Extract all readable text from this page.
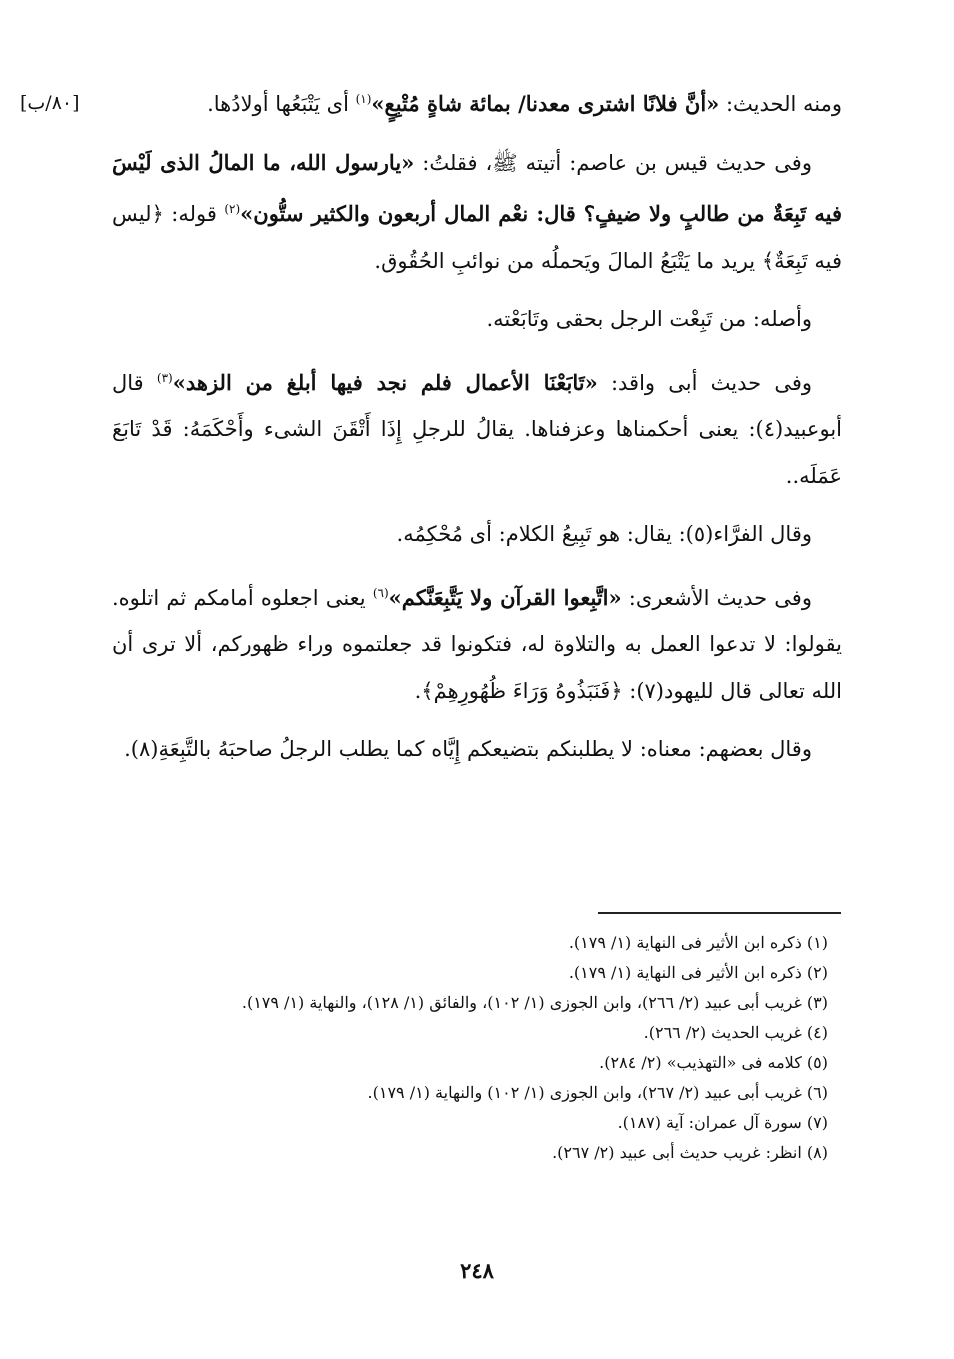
[٨٠/ب]	ومنه الحديث: «أنَّ فلانًا اشترى معدنا/ بمائة شاةٍ مُتْبِعٍ»$^{(١)}$ أى يَتْبَعُها أولادُها.

وفى حديث قيس بن عاصم: أتيته ﷺ، فقلتُ: «يارسول الله، ما المالُ الذى لَيْسَ فيه تَبِعَةٌ من طالبٍ ولا ضيفٍ؟ قال: نعْم المال أربعون والكثير ستُّون»$^{(٢)}$ قوله: ﴿ليس فيه تَبِعَةٌ﴾ يريد ما يَتْبَعُ المالَ ويَحملُه من نوائبِ الحُقُوق.

وأصله: من تَبِعْت الرجل بحقى وتَابَعْته.

وفى حديث أبى واقد: «تَابَعْنَا الأعمال فلم نجد فيها أبلغ من الزهد»$^{(٣)}$ قال أبوعبيد(٤): يعنى أحكمناها وعزفناها. يقالُ للرجلِ إِذَا أَتْقَنَ الشىء وأَحْكَمَهُ: قَدْ تَابَعَ عَمَلَه..

وقال الفرَّاء(٥): يقال: هو تَبِيعُ الكلام: أى مُحْكِمُه.

وفى حديث الأشعرى: «اتَّبِعوا القرآن ولا يَتَّبِعَنَّكم»$^{(٦)}$ يعنى اجعلوه أمامكم ثم اتلوه. يقولوا: لا تدعوا العمل به والتلاوة له، فتكونوا قد جعلتموه وراء ظهوركم، ألا ترى أن الله تعالى قال لليهود(٧): ﴿فَنَبَذُوهُ وَرَاءَ ظُهُورِهِمْ﴾.

وقال بعضهم: معناه: لا يطلبنكم بتضيعكم إِيَّاه كما يطلب الرجلُ صاحبَهُ بالتَّبِعَةِ(٨).

(١) ذكره ابن الأثير فى النهاية (١/ ١٧٩).

(٢) ذكره ابن الأثير فى النهاية (١/ ١٧٩).

(٣) غريب أبى عبيد (٢/ ٢٦٦)، وابن الجوزى (١/ ١٠٢)، والفائق (١/ ١٢٨)، والنهاية (١/ ١٧٩).

(٤) غريب الحديث (٢/ ٢٦٦).

(٥) كلامه فى «التهذيب» (٢/ ٢٨٤).

(٦) غريب أبى عبيد (٢/ ٢٦٧)، وابن الجوزى (١/ ١٠٢) والنهاية (١/ ١٧٩).

(٧) سورة آل عمران: آية (١٨٧).

(٨) انظر: غريب حديث أبى عبيد (٢/ ٢٦٧).

٢٤٨
